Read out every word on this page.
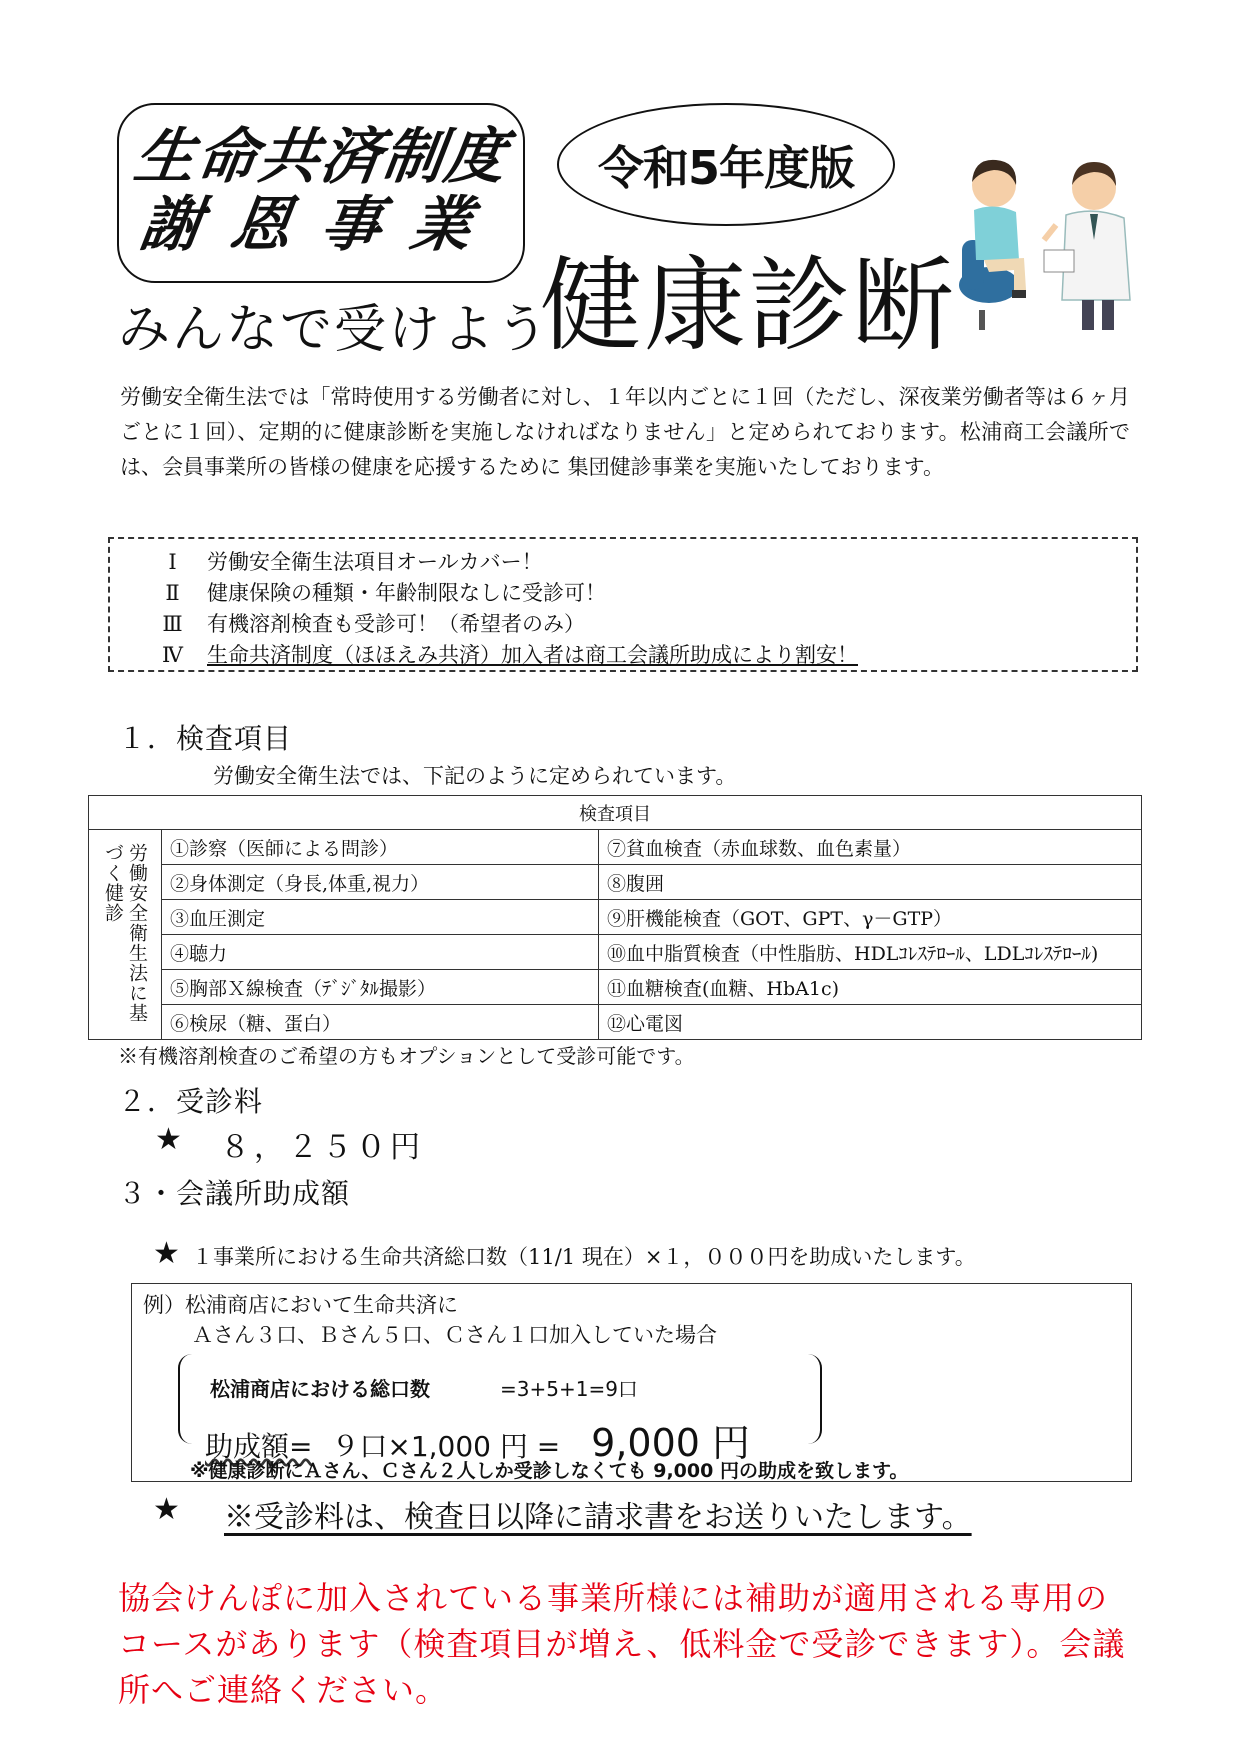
生命共済制度
謝恩事業
令和5年度版
みんなで受けよう
健康診断
労働安全衛生法では「常時使用する労働者に対し、１年以内ごとに１回（ただし、深夜業労働者等は６ヶ月ごとに１回）、定期的に健康診断を実施しなければなりません」と定められております。松浦商工会議所では、会員事業所の皆様の健康を応援するために 集団健診事業を実施いたしております。
Ⅰ	労働安全衛生法項目オールカバー！
Ⅱ	健康保険の種類・年齢制限なしに受診可！
Ⅲ	有機溶剤検査も受診可！（希望者のみ）
Ⅳ	生命共済制度（ほほえみ共済）加入者は商工会議所助成により割安！
１．検査項目
労働安全衛生法では、下記のように定められています。
検査項目		

労働安全衛生法に基づく健診	①診察（医師による問診）	⑦貧血検査（赤血球数、血色素量）
	②身体測定（身長,体重,視力）	⑧腹囲
	③血圧測定	⑨肝機能検査（GOT、GPT、γ－GTP）
	④聴力	⑩血中脂質検査（中性脂肪、HDLｺﾚｽﾃﾛｰﾙ、LDLｺﾚｽﾃﾛｰﾙ)
	⑤胸部Ｘ線検査（ﾃﾞｼﾞﾀﾙ撮影）	⑪血糖検査(血糖、HbA1c)
	⑥検尿（糖、蛋白）	⑫心電図
※有機溶剤検査のご希望の方もオプションとして受診可能です。
２．受診料
★ ８，２５０円
３・会議所助成額
★ １事業所における生命共済総口数（11/1 現在）×１，０００円を助成いたします。
例）松浦商店において生命共済に
Ａさん３口、Ｂさん５口、Ｃさん１口加入していた場合
松浦商店における総口数	=3+5+1=9口
助成額= ９口×1,000 円 = 9,000 円
※健康診断にＡさん、Ｃさん２人しか受診しなくても 9,000 円の助成を致します。
★ ※受診料は、検査日以降に請求書をお送りいたします。
協会けんぽに加入されている事業所様には補助が適用される専用のコースがあります（検査項目が増え、低料金で受診できます）。会議所へご連絡ください。
